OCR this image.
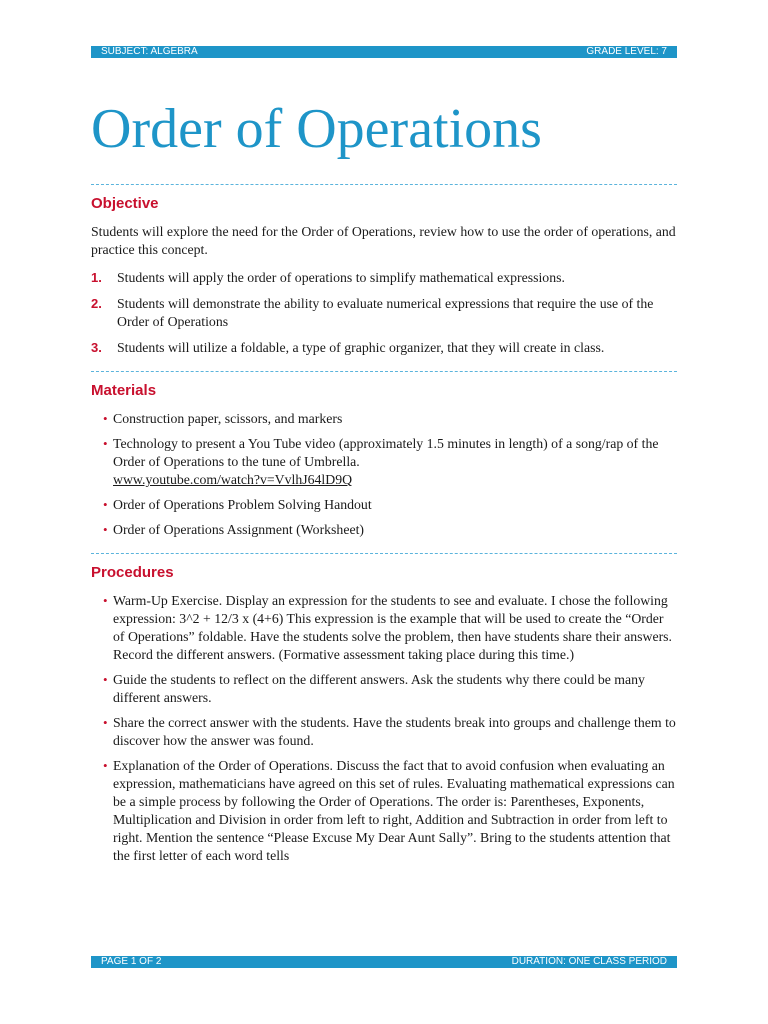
SUBJECT: ALGEBRA	GRADE LEVEL: 7
Order of Operations
Objective

Students will explore the need for the Order of Operations, review how to use the order of operations, and practice this concept.

1. Students will apply the order of operations to simplify mathematical expressions.
2. Students will demonstrate the ability to evaluate numerical expressions that require the use of the Order of Operations
3. Students will utilize a foldable, a type of graphic organizer, that they will create in class.
Materials
• Construction paper, scissors, and markers
• Technology to present a You Tube video (approximately 1.5 minutes in length) of a song/rap of the Order of Operations to the tune of Umbrella.
www.youtube.com/watch?v=VvlhJ64lD9Q
• Order of Operations Problem Solving Handout
• Order of Operations Assignment (Worksheet)
Procedures
• Warm-Up Exercise. Display an expression for the students to see and evaluate. I chose the following expression: 3^2 + 12/3 x (4+6) This expression is the example that will be used to create the “Order of Operations” foldable. Have the students solve the problem, then have students share their answers. Record the different answers. (Formative assessment taking place during this time.)
• Guide the students to reflect on the different answers. Ask the students why there could be many different answers.
• Share the correct answer with the students. Have the students break into groups and challenge them to discover how the answer was found.
• Explanation of the Order of Operations. Discuss the fact that to avoid confusion when evaluating an expression, mathematicians have agreed on this set of rules. Evaluating mathematical expressions can be a simple process by following the Order of Operations. The order is: Parentheses, Exponents, Multiplication and Division in order from left to right, Addition and Subtraction in order from left to right. Mention the sentence “Please Excuse My Dear Aunt Sally”. Bring to the students attention that the first letter of each word tells
PAGE 1 OF 2	DURATION: ONE CLASS PERIOD
